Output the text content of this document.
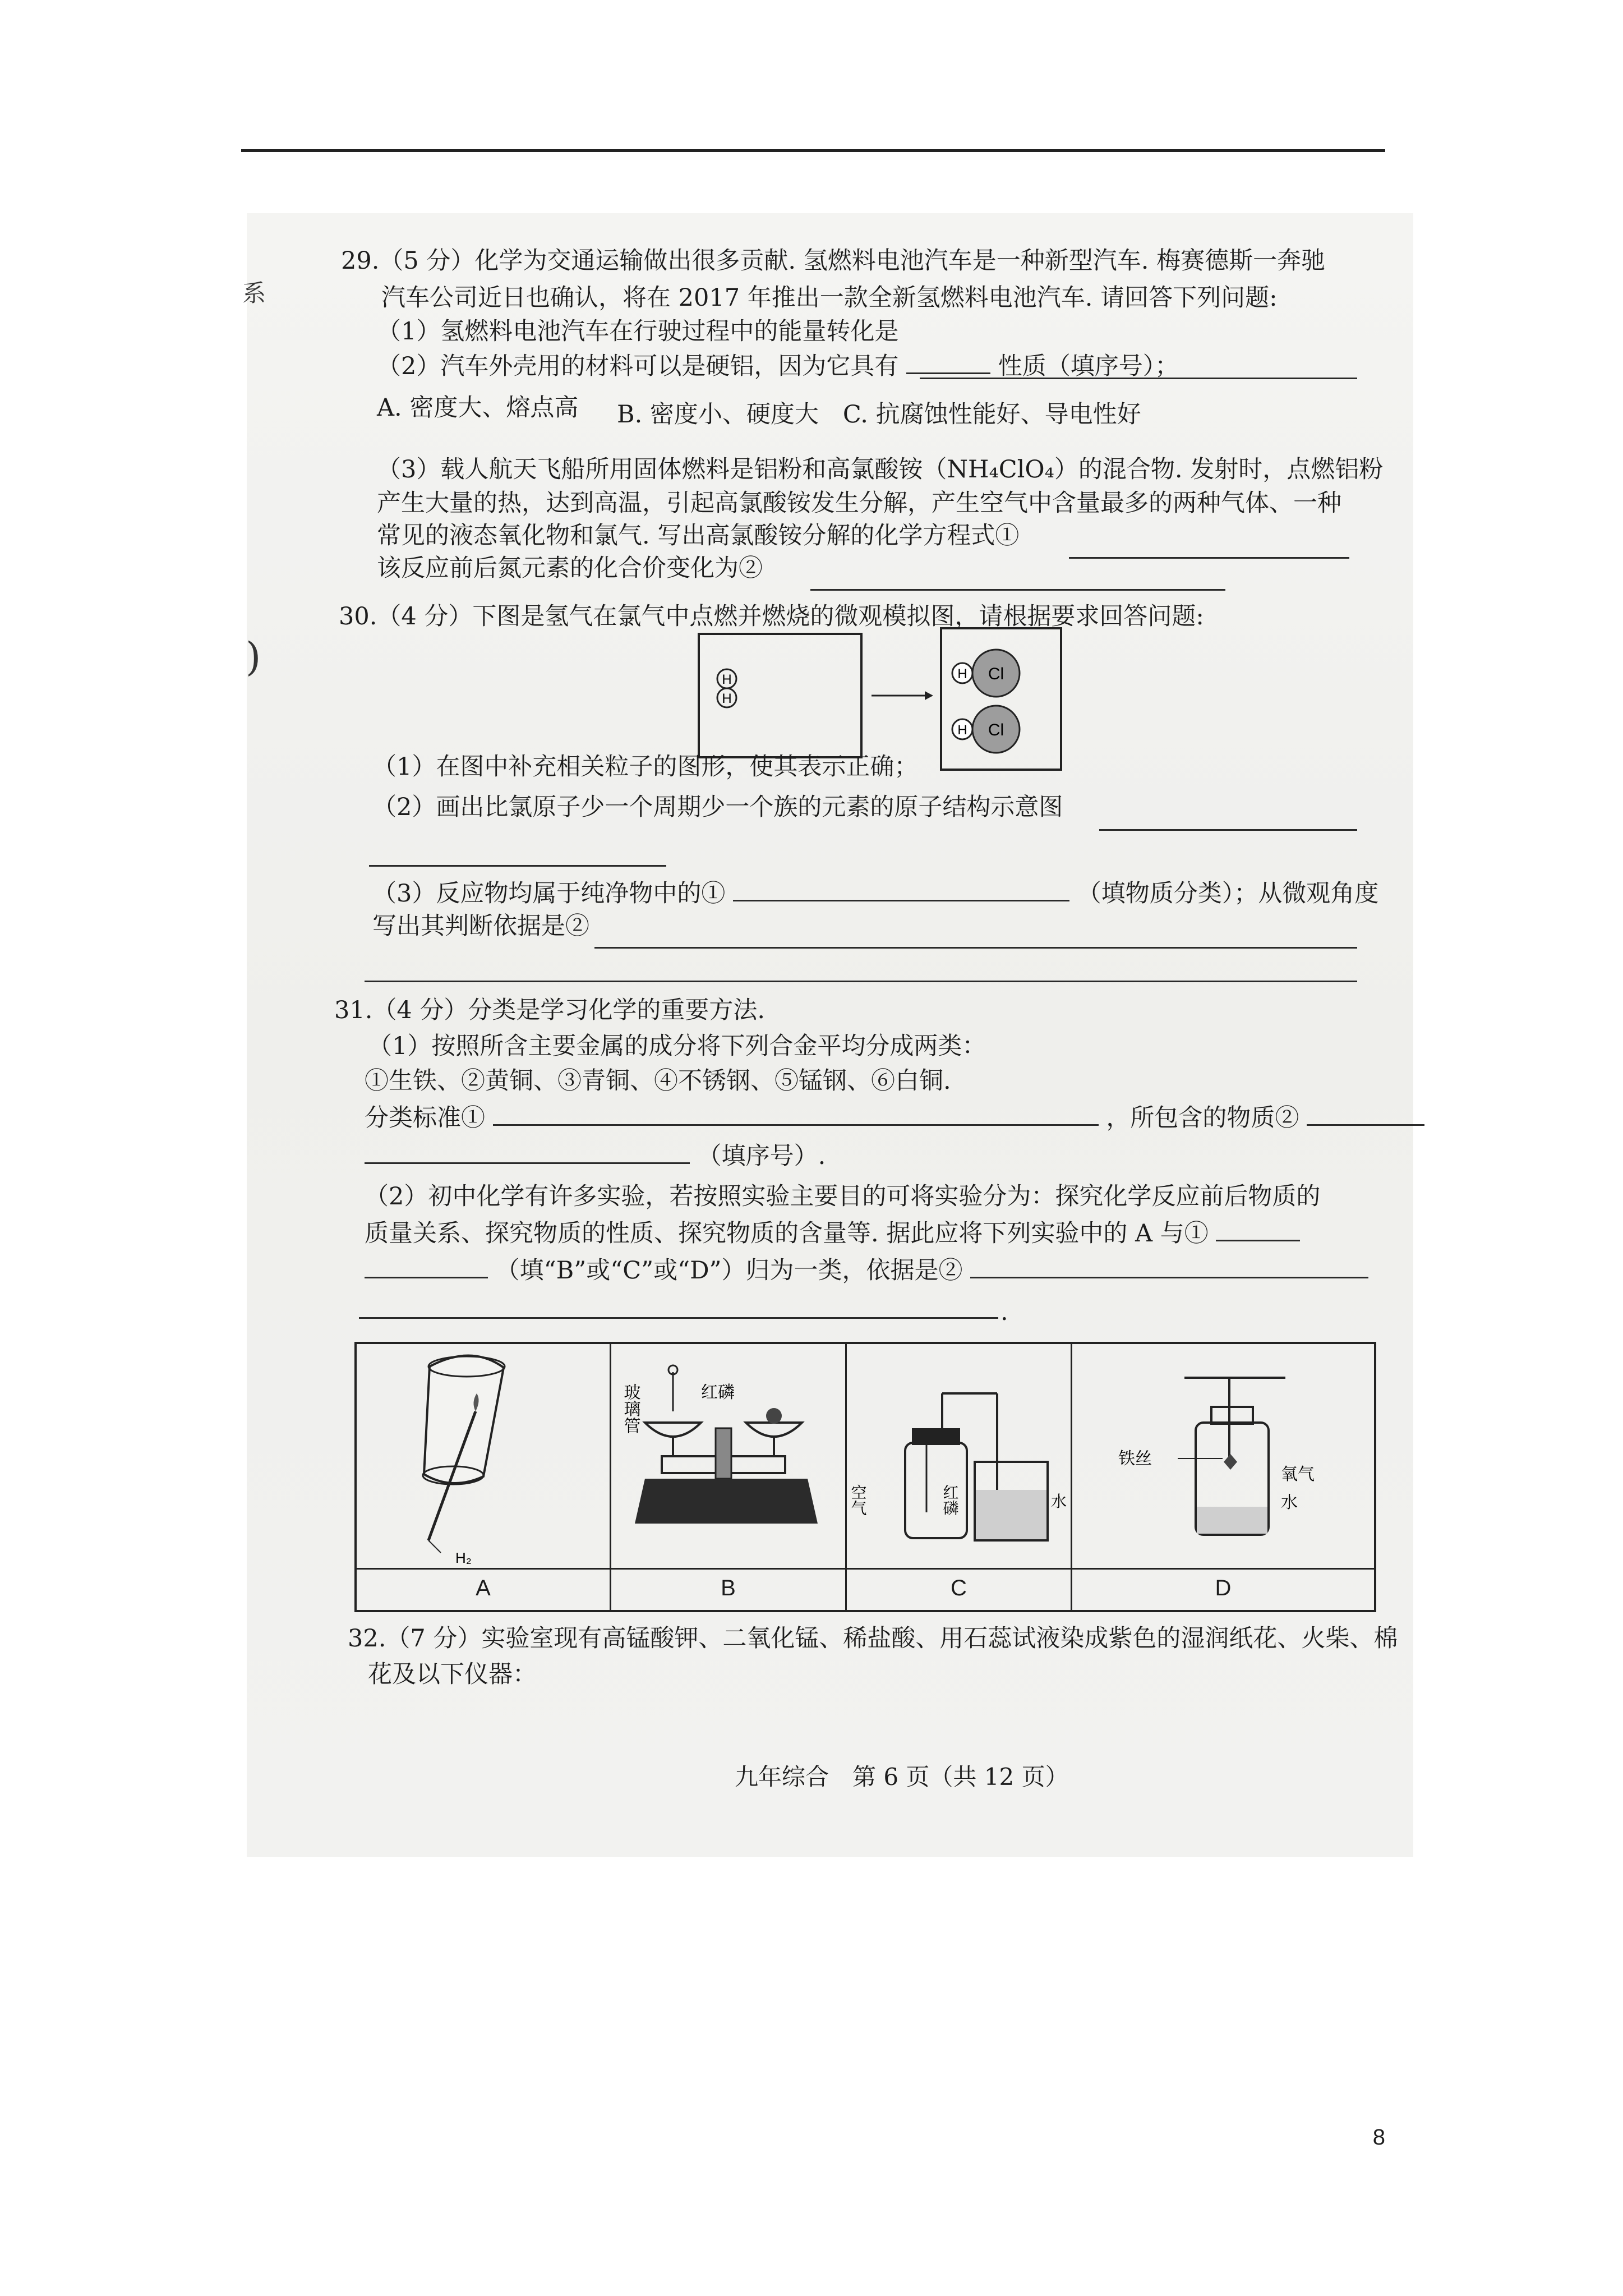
系
)
29.（5 分）化学为交通运输做出很多贡献. 氢燃料电池汽车是一种新型汽车. 梅赛德斯一奔驰
汽车公司近日也确认，将在 2017 年推出一款全新氢燃料电池汽车. 请回答下列问题:
（1）氢燃料电池汽车在行驶过程中的能量转化是
（2）汽车外壳用的材料可以是硬铝，因为它具有	性质（填序号）；
A. 密度大、熔点高 B. 密度小、硬度大　C. 抗腐蚀性能好、导电性好
（3）载人航天飞船所用固体燃料是铝粉和高氯酸铵（NH₄ClO₄）的混合物. 发射时，点燃铝粉
产生大量的热，达到高温，引起高氯酸铵发生分解，产生空气中含量最多的两种气体、一种
常见的液态氧化物和氯气. 写出高氯酸铵分解的化学方程式①
该反应前后氮元素的化合价变化为②
30.（4 分）下图是氢气在氯气中点燃并燃烧的微观模拟图，请根据要求回答问题:
H
H
H Cl
H Cl
（1）在图中补充相关粒子的图形，使其表示正确；
（2）画出比氯原子少一个周期少一个族的元素的原子结构示意图
（3）反应物均属于纯净物中的①	（填物质分类）；从微观角度
写出其判断依据是②
31.（4 分）分类是学习化学的重要方法.
（1）按照所含主要金属的成分将下列合金平均分成两类：
①生铁、②黄铜、③青铜、④不锈钢、⑤锰钢、⑥白铜.
分类标准①	，所包含的物质②
（填序号）.
（2）初中化学有许多实验，若按照实验主要目的可将实验分为：探究化学反应前后物质的
质量关系、探究物质的性质、探究物质的含量等. 据此应将下列实验中的 A 与①
（填“B”或“C”或“D”）归为一类，依据是②
.
H₂
A
玻璃管	红磷
B
空气	红磷	水
C
铁丝
氧气
水
D
32.（7 分）实验室现有高锰酸钾、二氧化锰、稀盐酸、用石蕊试液染成紫色的湿润纸花、火柴、棉
花及以下仪器：
九年综合　第 6 页（共 12 页）
8
